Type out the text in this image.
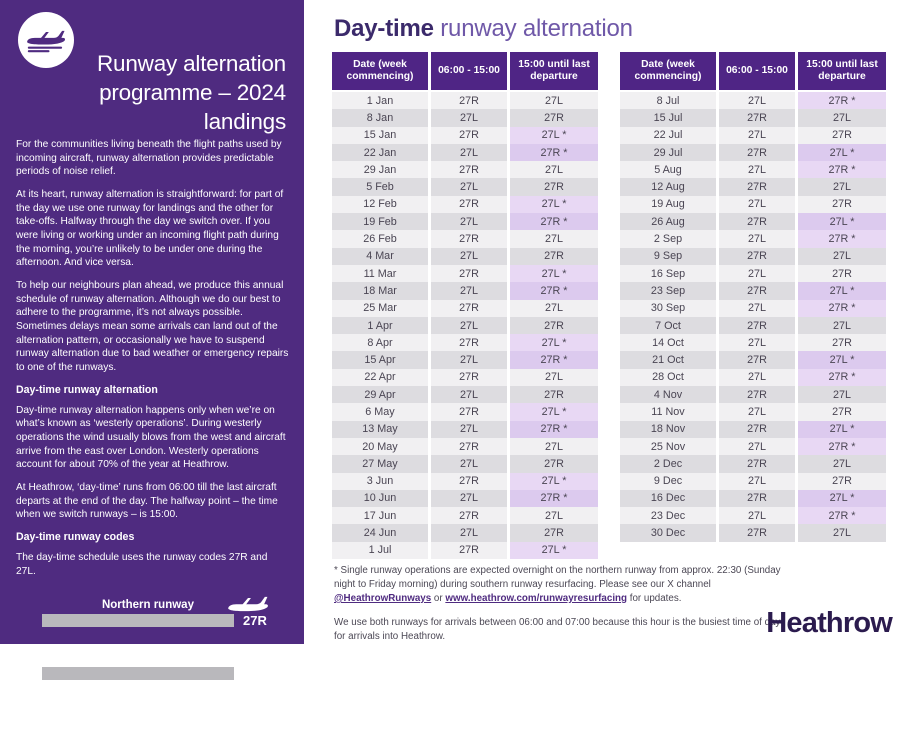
Runway alternation
programme – 2024 landings

For the communities living beneath the flight paths used by incoming aircraft, runway alternation provides predictable periods of noise relief.

At its heart, runway alternation is straightforward: for part of the day we use one runway for landings and the other for take-offs. Halfway through the day we switch over. If you were living or working under an incoming flight path during the morning, you’re unlikely to be under one during the afternoon. And vice versa.

To help our neighbours plan ahead, we produce this annual schedule of runway alternation. Although we do our best to adhere to the programme, it’s not always possible. Sometimes delays mean some arrivals can land out of the alternation pattern, or occasionally we have to suspend runway alternation due to bad weather or emergency repairs to one of the runways.

Day-time runway alternation

Day-time runway alternation happens only when we’re on what’s known as ‘westerly operations’. During westerly operations the wind usually blows from the west and aircraft arrive from the east over London. Westerly operations account for about 70% of the year at Heathrow.

At Heathrow, ‘day-time’ runs from 06:00 till the last aircraft departs at the end of the day. The halfway point – the time when we switch runways – is 15:00.

Day-time runway codes

The day-time schedule uses the runway codes 27R and 27L.

Northern runway
27R
Southern runway
27L
27R = aircraft approaching the northern runway from the east
27L = aircraft approaching the southern runway from the east
Day-time runway alternation
Date (week commencing)
06:00 - 15:00
15:00 until last departure
1 Jan	27R	27L
8 Jan	27L	27R
15 Jan	27R	27L *
22 Jan	27L	27R *
29 Jan	27R	27L
5 Feb	27L	27R
12 Feb	27R	27L *
19 Feb	27L	27R *
26 Feb	27R	27L
4 Mar	27L	27R
11 Mar	27R	27L *
18 Mar	27L	27R *
25 Mar	27R	27L
1 Apr	27L	27R
8 Apr	27R	27L *
15 Apr	27L	27R *
22 Apr	27R	27L
29 Apr	27L	27R
6 May	27R	27L *
13 May	27L	27R *
20 May	27R	27L
27 May	27L	27R
3 Jun	27R	27L *
10 Jun	27L	27R *
17 Jun	27R	27L
24 Jun	27L	27R
1 Jul	27R	27L *
Date (week commencing)
06:00 - 15:00
15:00 until last departure
8 Jul	27L	27R *
15 Jul	27R	27L
22 Jul	27L	27R
29 Jul	27R	27L *
5 Aug	27L	27R *
12 Aug	27R	27L
19 Aug	27L	27R
26 Aug	27R	27L *
2 Sep	27L	27R *
9 Sep	27R	27L
16 Sep	27L	27R
23 Sep	27R	27L *
30 Sep	27L	27R *
7 Oct	27R	27L
14 Oct	27L	27R
21 Oct	27R	27L *
28 Oct	27L	27R *
4 Nov	27R	27L
11 Nov	27L	27R
18 Nov	27R	27L *
25 Nov	27L	27R *
2 Dec	27R	27L
9 Dec	27L	27R
16 Dec	27R	27L *
23 Dec	27L	27R *
30 Dec	27R	27L

* Single runway operations are expected overnight on the northern runway from approx. 22:30 (Sunday night to Friday morning) during southern runway resurfacing. Please see our X channel @HeathrowRunways or www.heathrow.com/runwayresurfacing for updates.

We use both runways for arrivals between 06:00 and 07:00 because this hour is the busiest time of day for arrivals into Heathrow.	Heathrow
